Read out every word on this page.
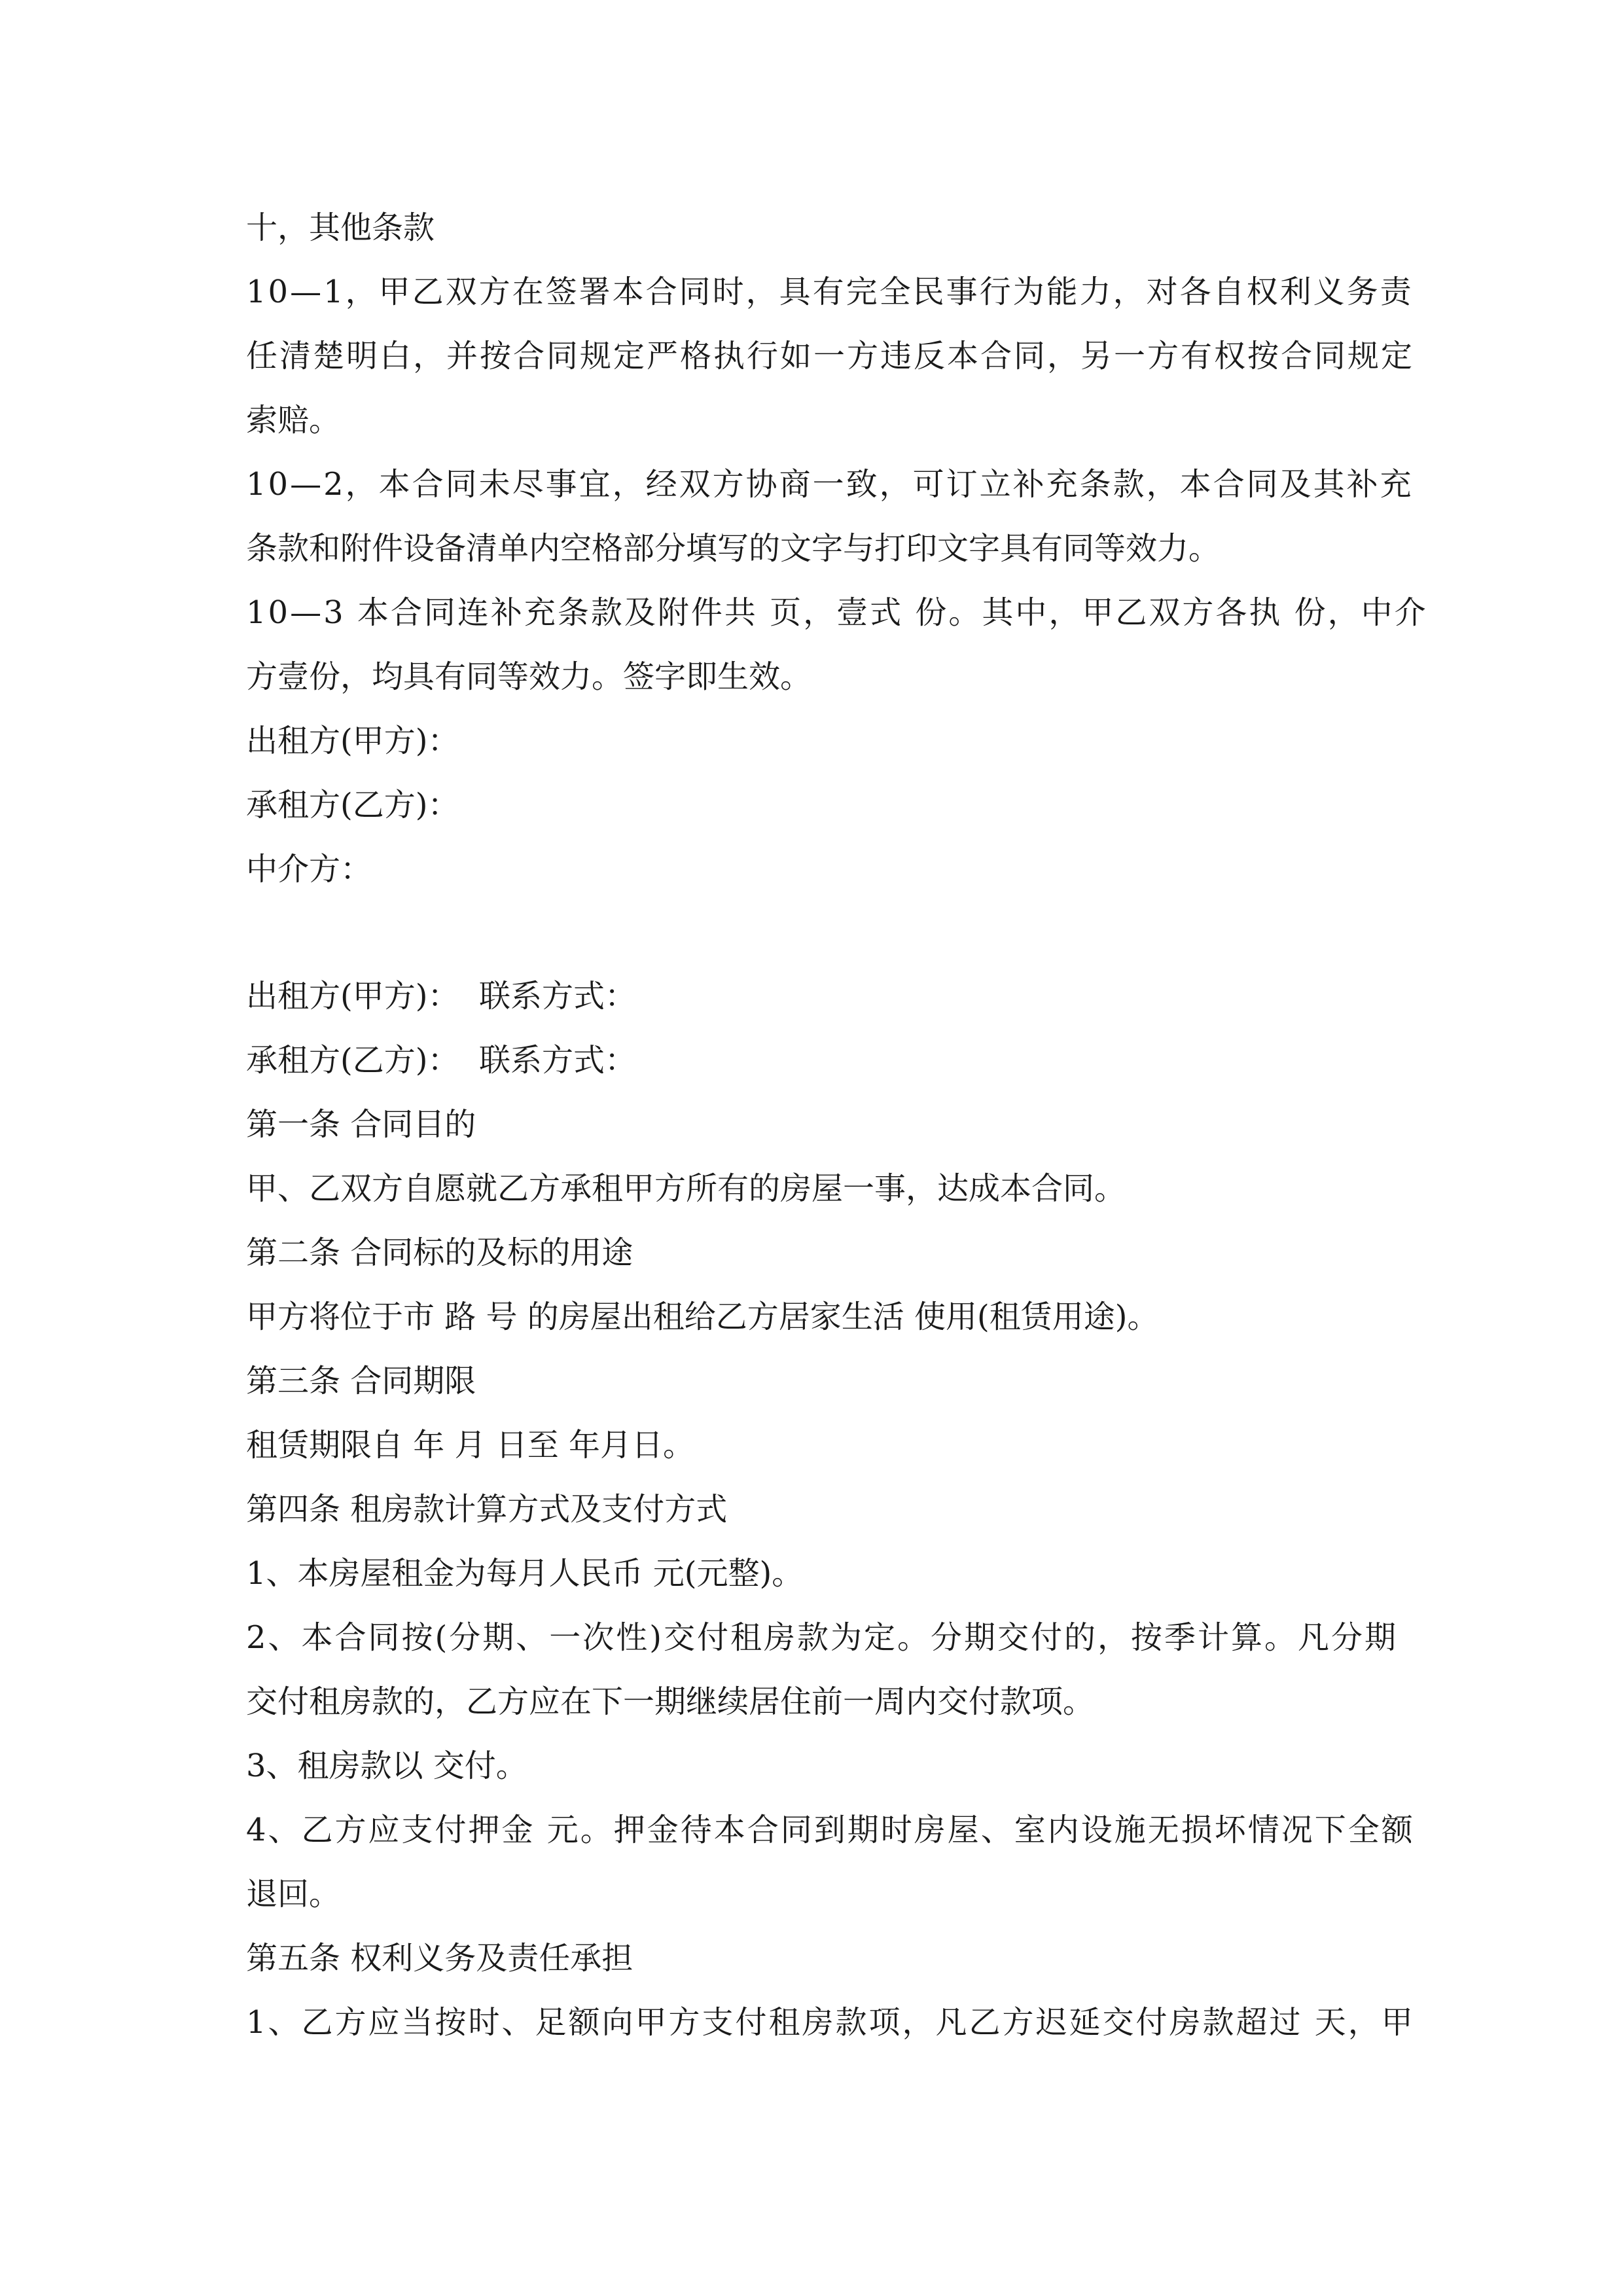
十，其他条款

10—1，甲乙双方在签署本合同时，具有完全民事行为能力，对各自权利义务责

任清楚明白，并按合同规定严格执行如一方违反本合同，另一方有权按合同规定

索赔。

10—2，本合同未尽事宜，经双方协商一致，可订立补充条款，本合同及其补充

条款和附件设备清单内空格部分填写的文字与打印文字具有同等效力。

10—3 本合同连补充条款及附件共 页，壹式 份。其中，甲乙双方各执 份，中介

方壹份，均具有同等效力。签字即生效。

出租方(甲方)：

承租方(乙方)：

中介方：

出租方(甲方)：  联系方式：

承租方(乙方)：  联系方式：

第一条 合同目的

甲、乙双方自愿就乙方承租甲方所有的房屋一事，达成本合同。

第二条 合同标的及标的用途

甲方将位于市 路 号 的房屋出租给乙方居家生活 使用(租赁用途)。

第三条 合同期限

租赁期限自 年 月 日至 年月日。

第四条 租房款计算方式及支付方式

1、本房屋租金为每月人民币 元(元整)。

2、本合同按(分期、一次性)交付租房款为定。分期交付的，按季计算。凡分期

交付租房款的，乙方应在下一期继续居住前一周内交付款项。

3、租房款以 交付。

4、乙方应支付押金 元。押金待本合同到期时房屋、室内设施无损坏情况下全额

退回。

第五条 权利义务及责任承担

1、乙方应当按时、足额向甲方支付租房款项，凡乙方迟延交付房款超过 天，甲
